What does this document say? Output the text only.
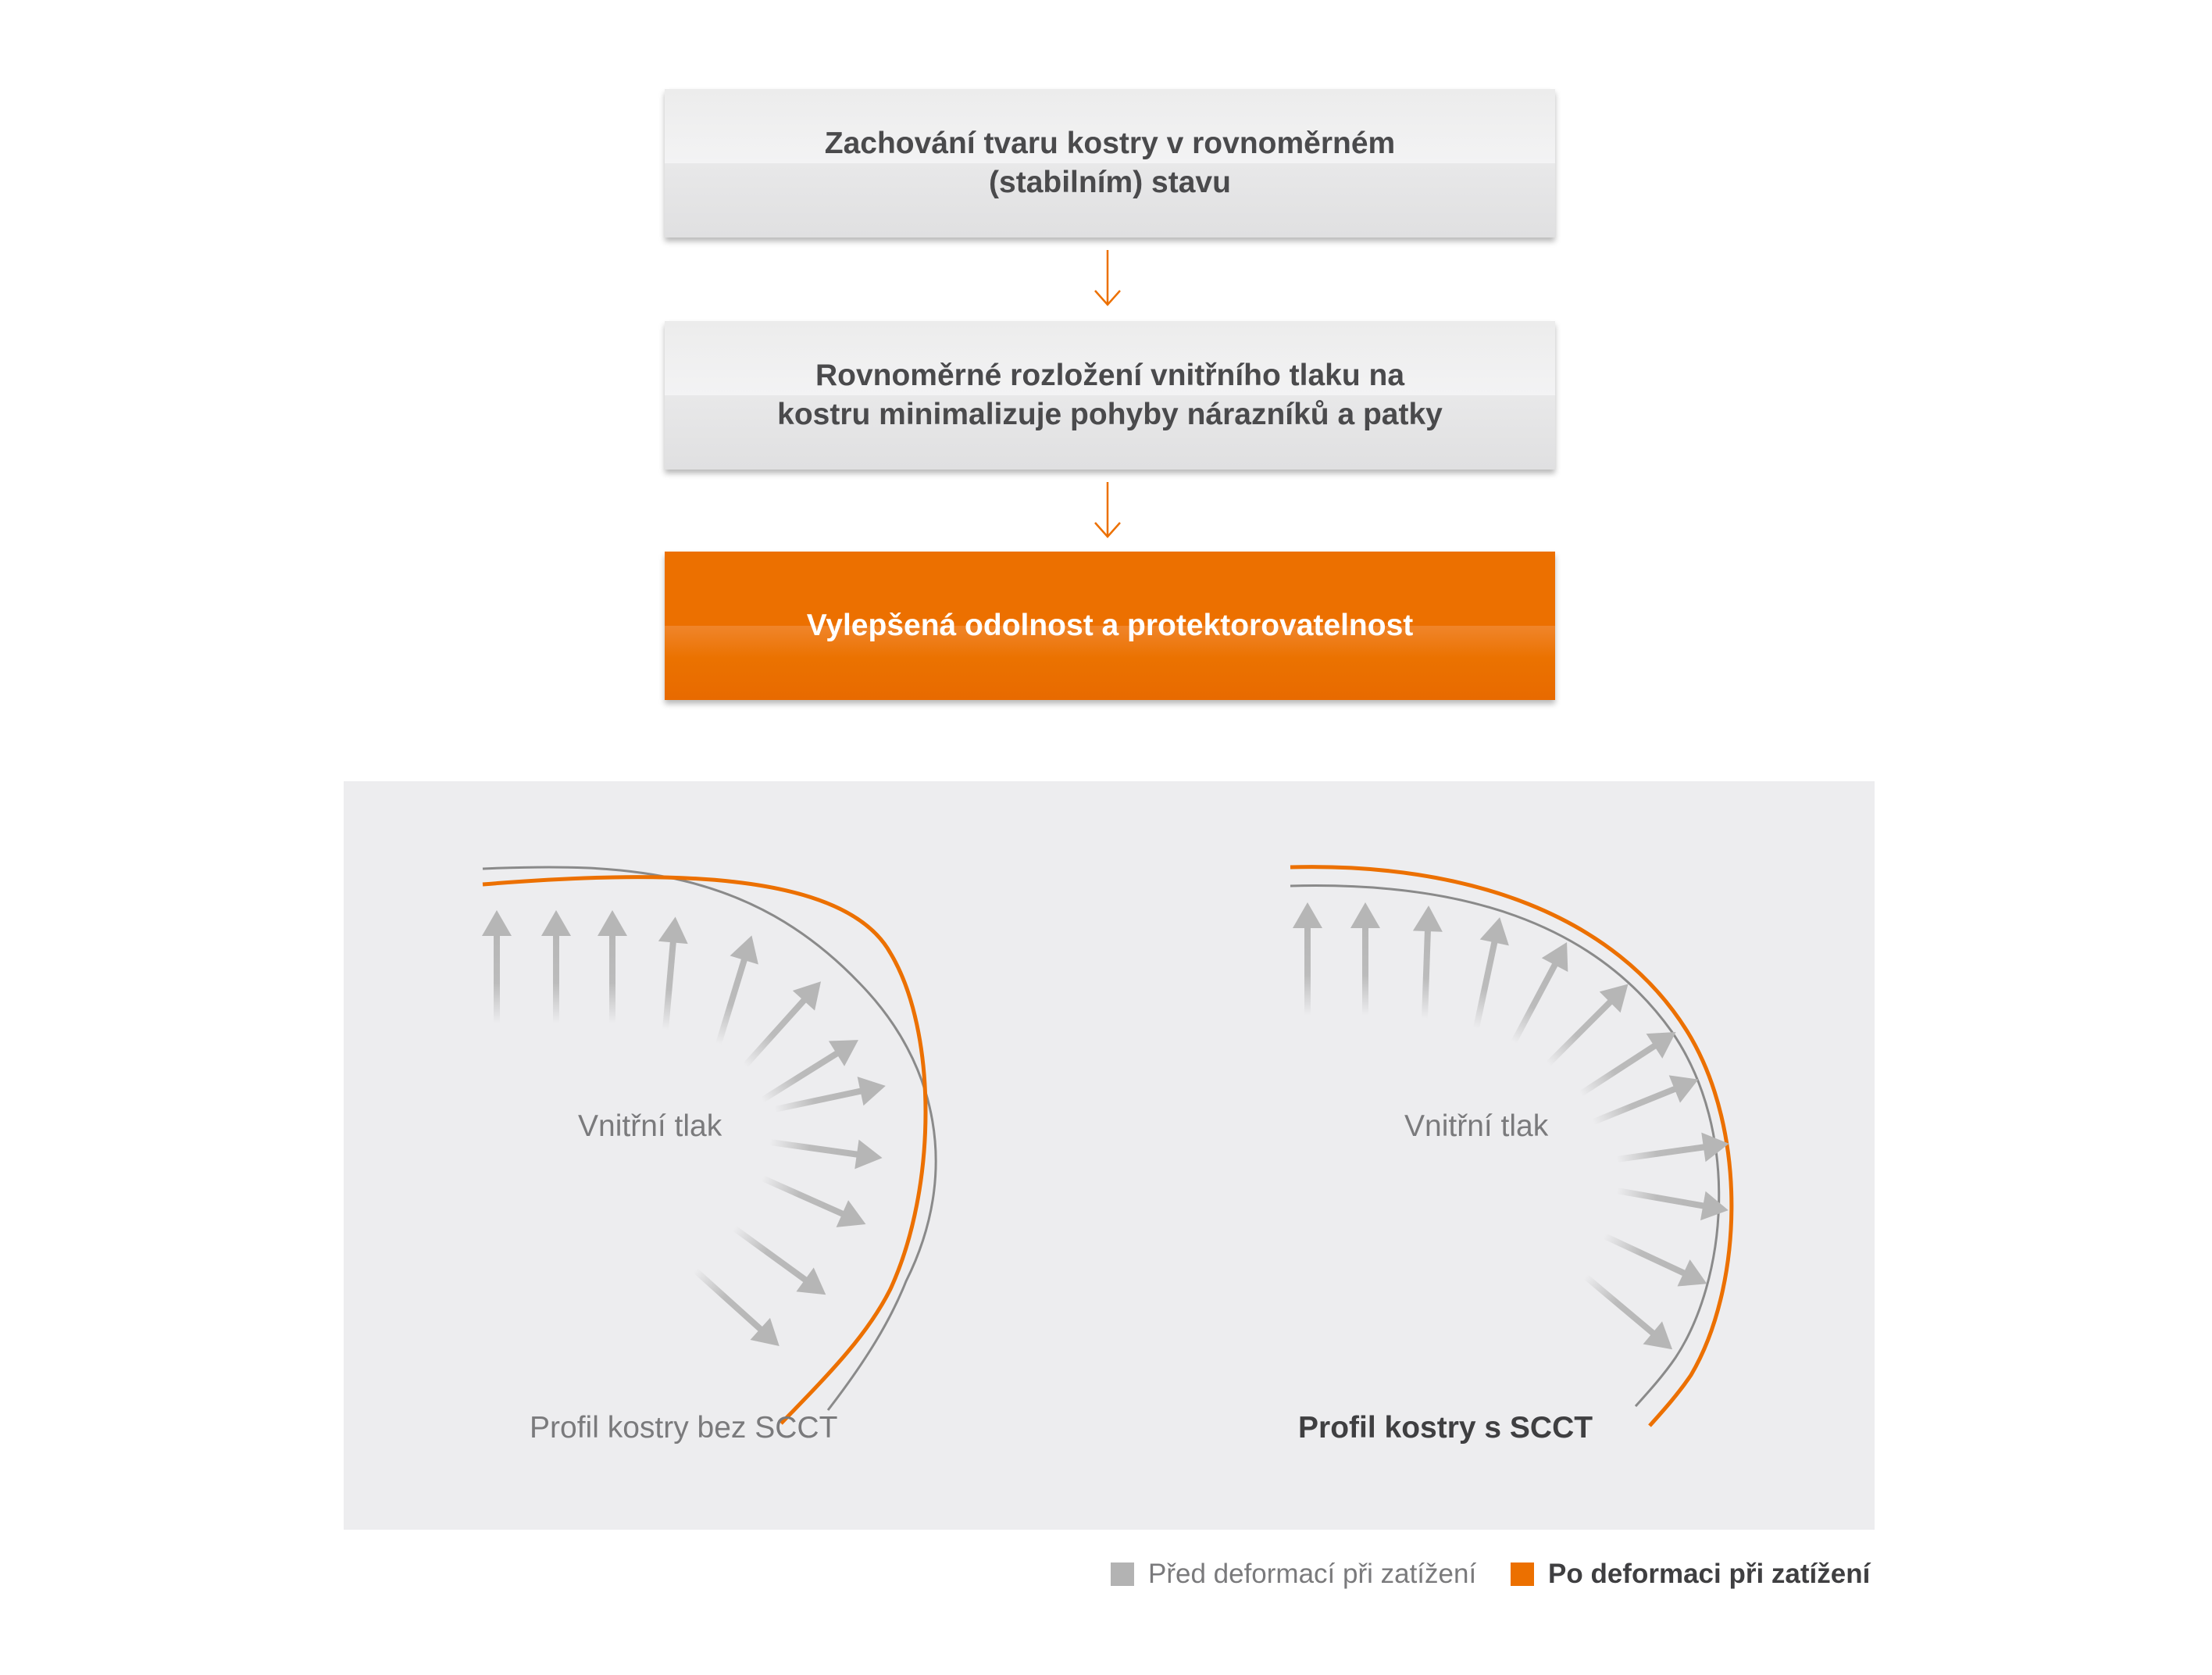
Zachování tvaru kostry v rovnoměrném
(stabilním) stavu
Rovnoměrné rozložení vnitřního tlaku na
kostru minimalizuje pohyby nárazníků a patky
Vylepšená odolnost a protektorovatelnost
Vnitřní tlak
Profil kostry bez SCCT
Vnitřní tlak
Profil kostry s SCCT
Před deformací při zatížení	Po deformaci při zatížení
